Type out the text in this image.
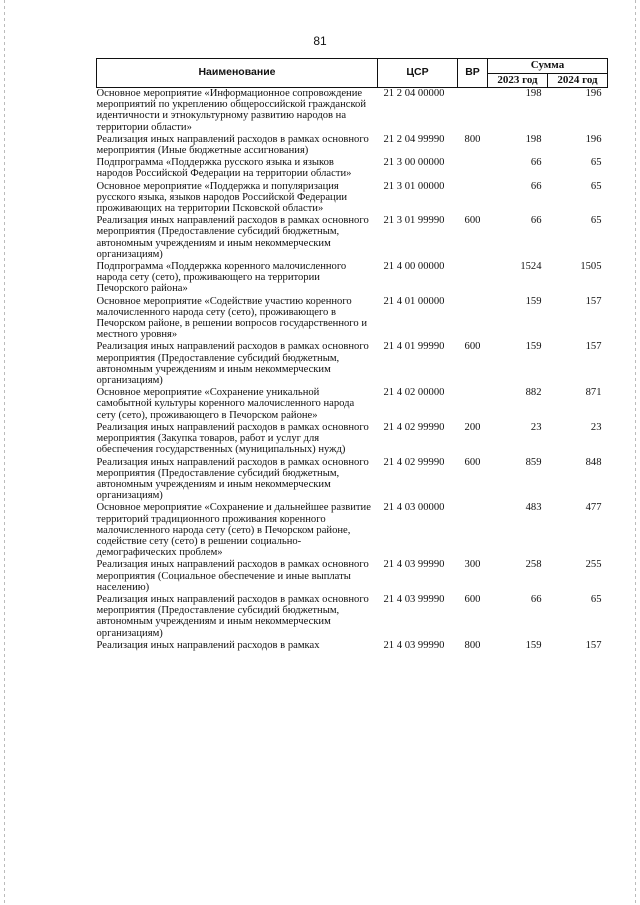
81
Наименование	ЦСР	ВР	Сумма	
			2023 год	2024 год
Основное мероприятие «Информационное сопровождение мероприятий по укреплению общероссийской гражданской идентичности и этнокультурному развитию народов на территории области»	21 2 04 00000		198	196
Реализация иных направлений расходов в рамках основного мероприятия (Иные бюджетные ассигнования)	21 2 04 99990	800	198	196
Подпрограмма «Поддержка русского языка и языков народов Российской Федерации на территории области»	21 3 00 00000		66	65
Основное мероприятие «Поддержка и популяризация русского языка, языков народов Российской Федерации проживающих на территории Псковской области»	21 3 01 00000		66	65
Реализация иных направлений расходов в рамках основного мероприятия (Предоставление субсидий бюджетным, автономным учреждениям и иным некоммерческим организациям)	21 3 01 99990	600	66	65
Подпрограмма «Поддержка коренного малочисленного народа сету (сето), проживающего на территории Печорского района»	21 4 00 00000		1524	1505
Основное мероприятие «Содействие участию коренного малочисленного народа сету (сето), проживающего в Печорском районе, в решении вопросов государственного и местного уровня»	21 4 01 00000		159	157
Реализация иных направлений расходов в рамках основного мероприятия (Предоставление субсидий бюджетным, автономным учреждениям и иным некоммерческим организациям)	21 4 01 99990	600	159	157
Основное мероприятие «Сохранение уникальной самобытной культуры коренного малочисленного народа сету (сето), проживающего в Печорском районе»	21 4 02 00000		882	871
Реализация иных направлений расходов в рамках основного мероприятия (Закупка товаров, работ и услуг для обеспечения государственных (муниципальных) нужд)	21 4 02 99990	200	23	23
Реализация иных направлений расходов в рамках основного мероприятия (Предоставление субсидий бюджетным, автономным учреждениям и иным некоммерческим организациям)	21 4 02 99990	600	859	848
Основное мероприятие «Сохранение и дальнейшее развитие территорий традиционного проживания коренного малочисленного народа сету (сето) в Печорском районе, содействие сету (сето) в решении социально-демографических проблем»	21 4 03 00000		483	477
Реализация иных направлений расходов в рамках основного мероприятия (Социальное обеспечение и иные выплаты населению)	21 4 03 99990	300	258	255
Реализация иных направлений расходов в рамках основного мероприятия (Предоставление субсидий бюджетным, автономным учреждениям и иным некоммерческим организациям)	21 4 03 99990	600	66	65
Реализация иных направлений расходов в рамках	21 4 03 99990	800	159	157
